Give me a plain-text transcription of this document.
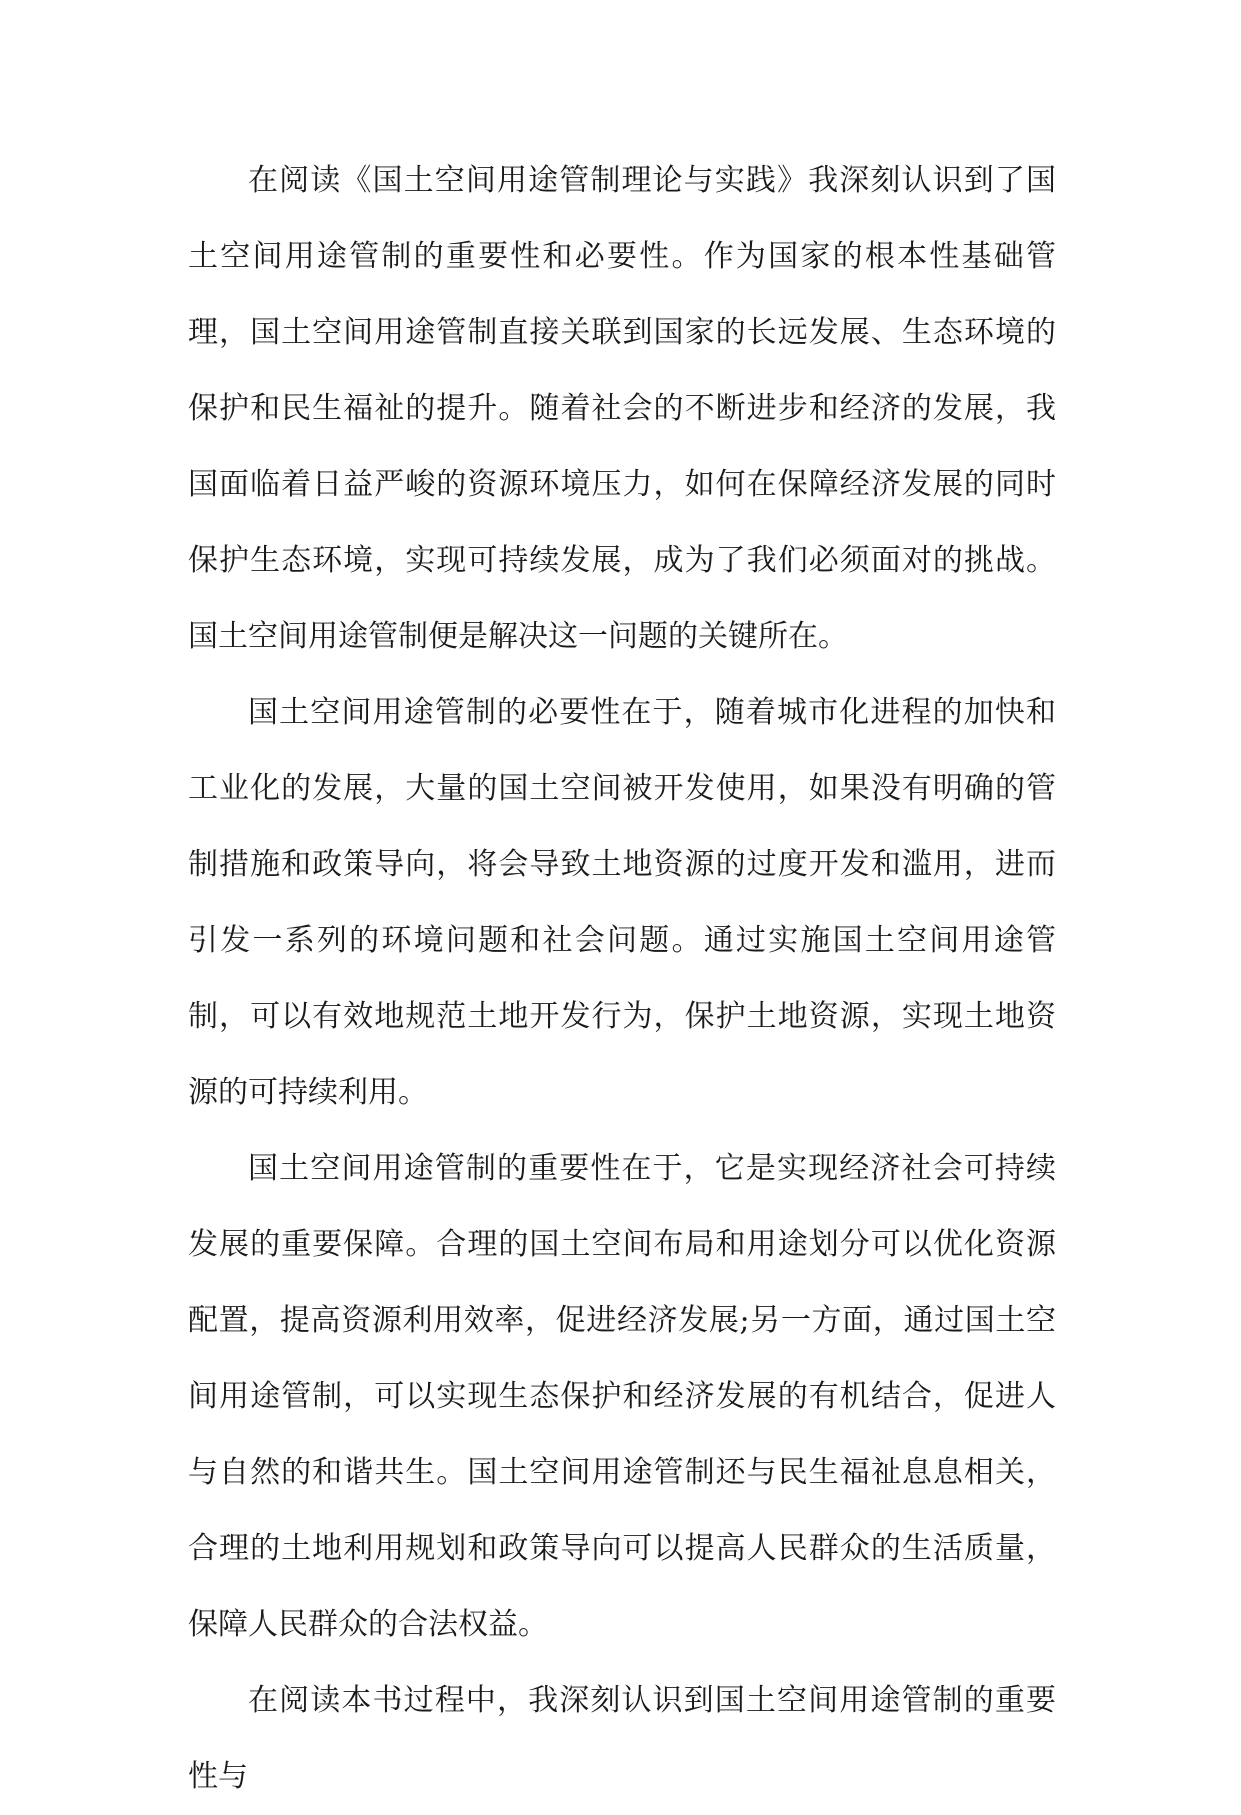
在阅读《国土空间用途管制理论与实践》我深刻认识到了国土空间用途管制的重要性和必要性。作为国家的根本性基础管理，国土空间用途管制直接关联到国家的长远发展、生态环境的保护和民生福祉的提升。随着社会的不断进步和经济的发展，我国面临着日益严峻的资源环境压力，如何在保障经济发展的同时保护生态环境，实现可持续发展，成为了我们必须面对的挑战。国土空间用途管制便是解决这一问题的关键所在。

国土空间用途管制的必要性在于，随着城市化进程的加快和工业化的发展，大量的国土空间被开发使用，如果没有明确的管制措施和政策导向，将会导致土地资源的过度开发和滥用，进而引发一系列的环境问题和社会问题。通过实施国土空间用途管制，可以有效地规范土地开发行为，保护土地资源，实现土地资源的可持续利用。

国土空间用途管制的重要性在于，它是实现经济社会可持续发展的重要保障。合理的国土空间布局和用途划分可以优化资源配置，提高资源利用效率，促进经济发展;另一方面，通过国土空间用途管制，可以实现生态保护和经济发展的有机结合，促进人与自然的和谐共生。国土空间用途管制还与民生福祉息息相关，合理的土地利用规划和政策导向可以提高人民群众的生活质量，保障人民群众的合法权益。

在阅读本书过程中，我深刻认识到国土空间用途管制的重要性与
